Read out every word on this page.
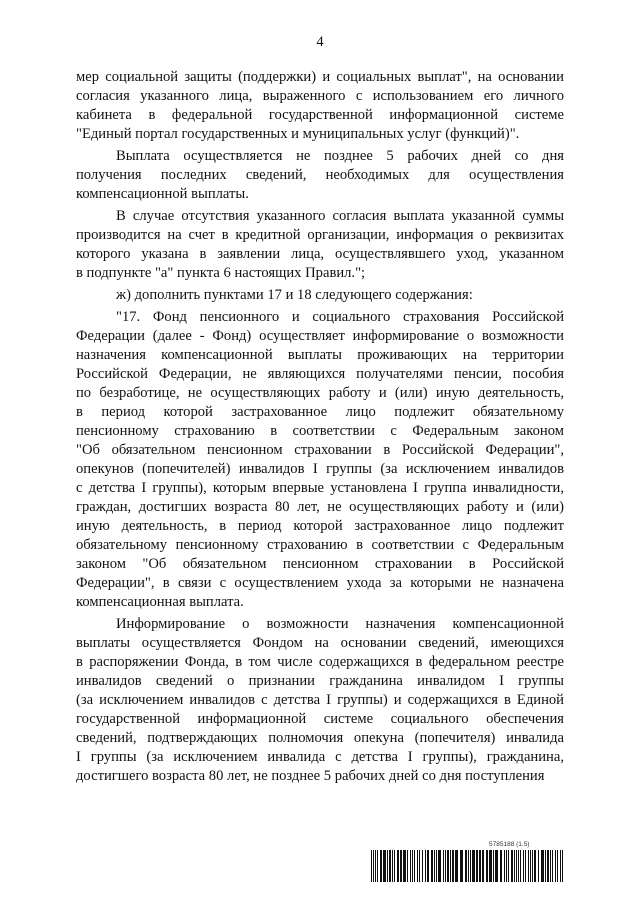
4
мер социальной защиты (поддержки) и социальных выплат", на основании
согласия указанного лица, выраженного с использованием его личного
кабинета в федеральной государственной информационной системе
"Единый портал государственных и муниципальных услуг (функций)".
Выплата осуществляется не позднее 5 рабочих дней со дня
получения последних сведений, необходимых для осуществления
компенсационной выплаты.
В случае отсутствия указанного согласия выплата указанной суммы
производится на счет в кредитной организации, информация о реквизитах
которого указана в заявлении лица, осуществлявшего уход, указанном
в подпункте "а" пункта 6 настоящих Правил.";
ж) дополнить пунктами 17 и 18 следующего содержания:
"17. Фонд пенсионного и социального страхования Российской
Федерации (далее - Фонд) осуществляет информирование о возможности
назначения компенсационной выплаты проживающих на территории
Российской Федерации, не являющихся получателями пенсии, пособия
по безработице, не осуществляющих работу и (или) иную деятельность,
в период которой застрахованное лицо подлежит обязательному
пенсионному страхованию в соответствии с Федеральным законом
"Об обязательном пенсионном страховании в Российской Федерации",
опекунов (попечителей) инвалидов I группы (за исключением инвалидов
с детства I группы), которым впервые установлена I группа инвалидности,
граждан, достигших возраста 80 лет, не осуществляющих работу и (или)
иную деятельность, в период которой застрахованное лицо подлежит
обязательному пенсионному страхованию в соответствии с Федеральным
законом "Об обязательном пенсионном страховании в Российской
Федерации", в связи с осуществлением ухода за которыми не назначена
компенсационная выплата.
Информирование о возможности назначения компенсационной
выплаты осуществляется Фондом на основании сведений, имеющихся
в распоряжении Фонда, в том числе содержащихся в федеральном реестре
инвалидов сведений о признании гражданина инвалидом I группы
(за исключением инвалидов с детства I группы) и содержащихся в Единой
государственной информационной системе социального обеспечения
сведений, подтверждающих полномочия опекуна (попечителя) инвалида
I группы (за исключением инвалида с детства I группы), гражданина,
достигшего возраста 80 лет, не позднее 5 рабочих дней со дня поступления
5785188 (1.5)
